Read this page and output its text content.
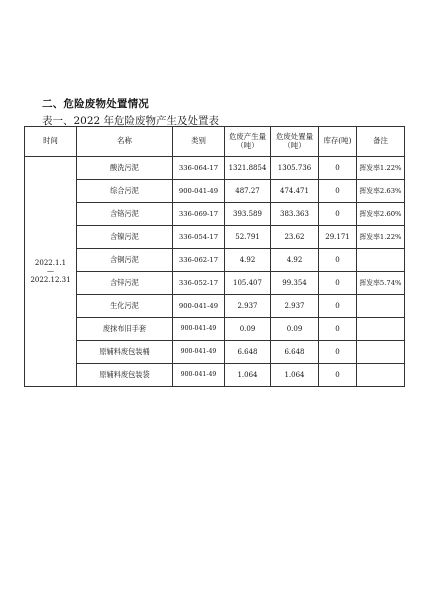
二、危险废物处置情况
表一、2022 年危险废物产生及处置表
时间	名称	类别	危废产生量（吨）	危废处置量（吨）	库存(吨)	备注

2022.1.1
—
2022.12.31	酸洗污泥	336-064-17	1321.8854	1305.736	0	挥发率1.22%
	综合污泥	900-041-49	487.27	474.471	0	挥发率2.63%
	含铬污泥	336-069-17	393.589	383.363	0	挥发率2.60%
	含镍污泥	336-054-17	52.791	23.62	29.171	挥发率1.22%
	含铜污泥	336-062-17	4.92	4.92	0	
	含锌污泥	336-052-17	105.407	99.354	0	挥发率5.74%
	生化污泥	900-041-49	2.937	2.937	0	
	废抹布旧手套	900-041-49	0.09	0.09	0	
	原辅料废包装桶	900-041-49	6.648	6.648	0	
	原辅料废包装袋	900-041-49	1.064	1.064	0	
